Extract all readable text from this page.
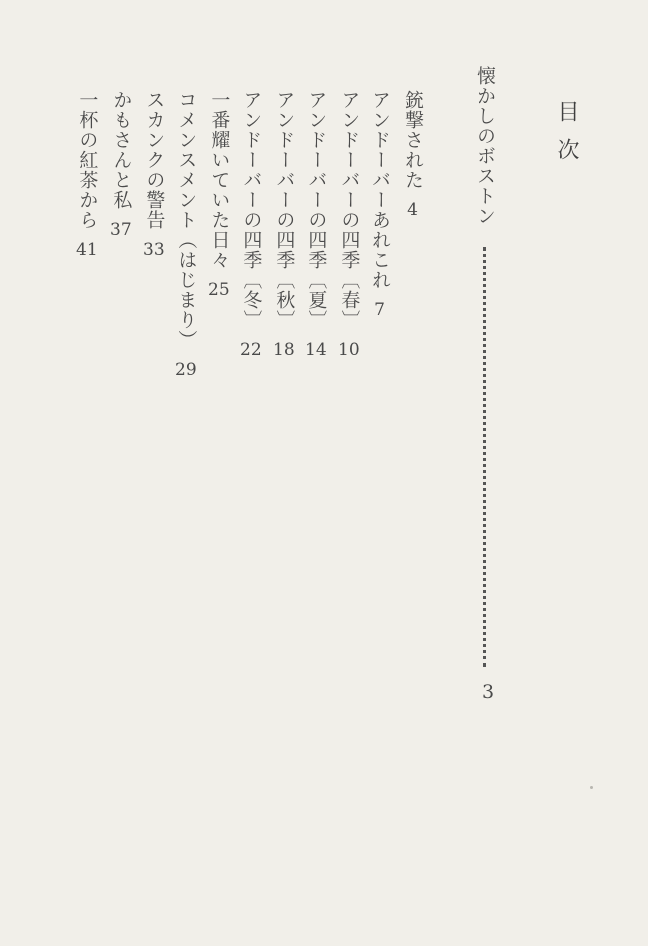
目次
懐かしのボストン
3
銃撃された
4
アンドーバーあれこれ
7
アンドーバーの四季〔春〕
10
アンドーバーの四季〔夏〕
14
アンドーバーの四季〔秋〕
18
アンドーバーの四季〔冬〕
22
一番耀いていた日々
25
コメンスメント（はじまり）
29
スカンクの警告
33
かもさんと私
37
一杯の紅茶から
41
